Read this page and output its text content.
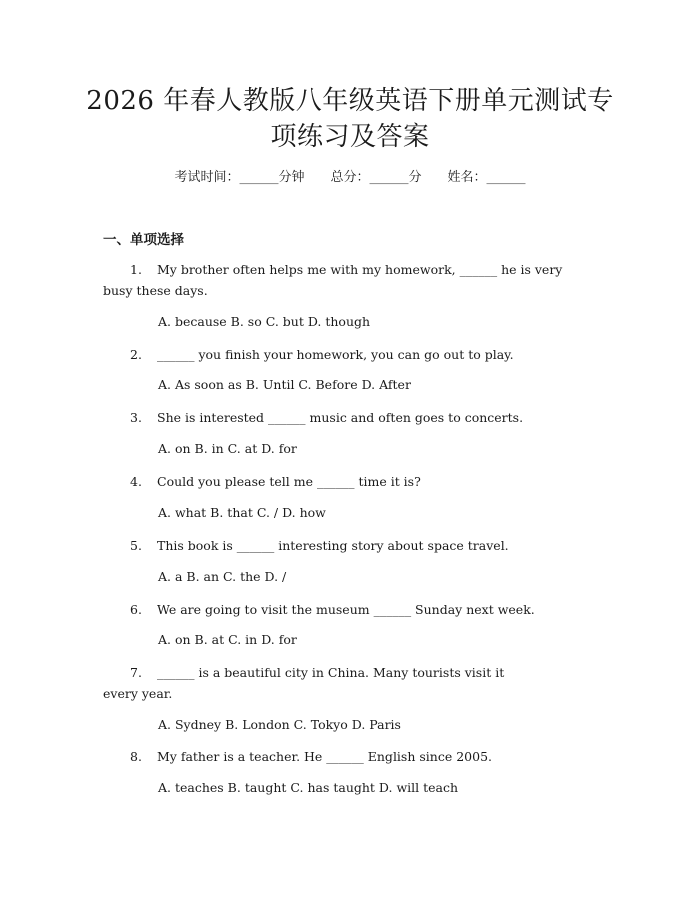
2026 年春人教版八年级英语下册单元测试专
项练习及答案
考试时间：______分钟 总分：______分 姓名：______
一、单项选择
1. My brother often helps me with my homework, ______ he is very
busy these days.
A. because B. so C. but D. though
2. ______ you finish your homework, you can go out to play.
A. As soon as B. Until C. Before D. After
3. She is interested ______ music and often goes to concerts.
A. on B. in C. at D. for
4. Could you please tell me ______ time it is?
A. what B. that C. / D. how
5. This book is ______ interesting story about space travel.
A. a B. an C. the D. /
6. We are going to visit the museum ______ Sunday next week.
A. on B. at C. in D. for
7. ______ is a beautiful city in China. Many tourists visit it
every year.
A. Sydney B. London C. Tokyo D. Paris
8. My father is a teacher. He ______ English since 2005.
A. teaches B. taught C. has taught D. will teach
